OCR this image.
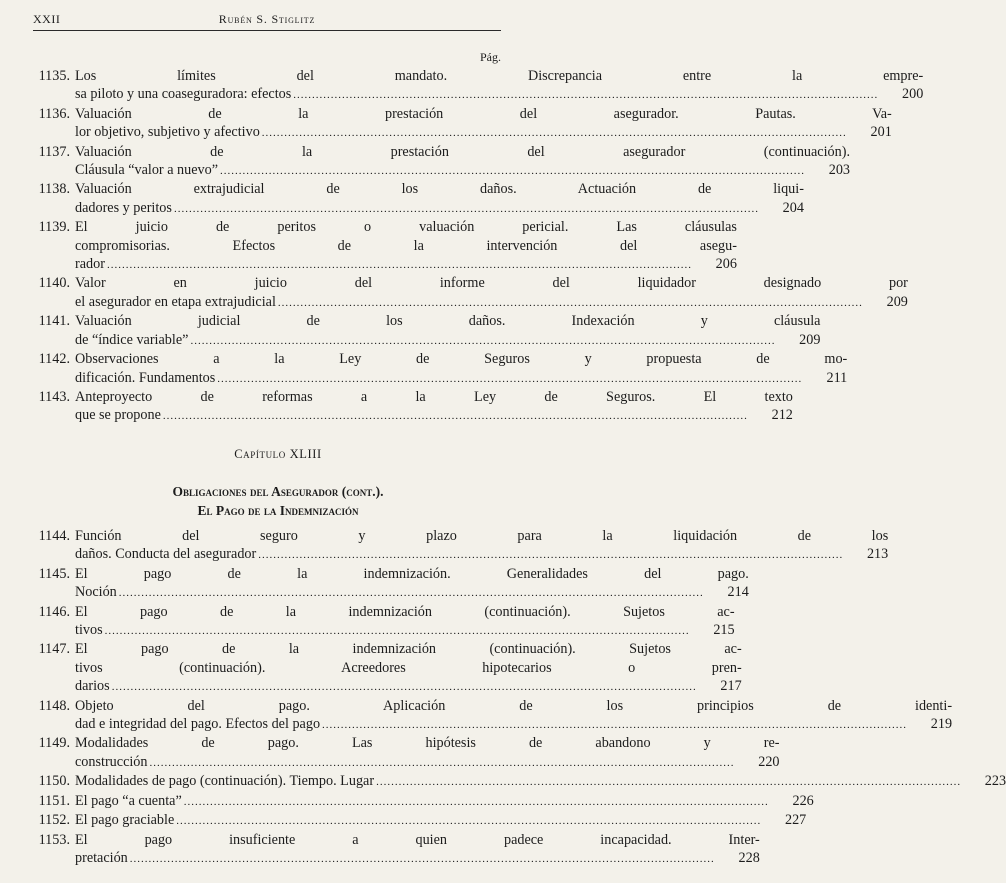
XXII	Rubén S. Stiglitz
Pág.
1135. Los límites del mandato. Discrepancia entre la empre-
sa piloto y una coaseguradora: efectos .....	200
1136. Valuación de la prestación del asegurador. Pautas. Va-
lor objetivo, subjetivo y afectivo .....	201
1137. Valuación de la prestación del asegurador (continuación).
Cláusula “valor a nuevo” .....	203
1138. Valuación extrajudicial de los daños. Actuación de liqui-
dadores y peritos .....	204
1139. El juicio de peritos o valuación pericial. Las cláusulas
compromisorias. Efectos de la intervención del asegu-
rador .....	206
1140. Valor en juicio del informe del liquidador designado por
el asegurador en etapa extrajudicial .....	209
1141. Valuación judicial de los daños. Indexación y cláusula
de “índice variable” .....	209
1142. Observaciones a la Ley de Seguros y propuesta de mo-
dificación. Fundamentos .....	211
1143. Anteproyecto de reformas a la Ley de Seguros. El texto
que se propone .....	212
Capítulo XLIII
Obligaciones del Asegurador (cont.).
El Pago de la Indemnización
1144. Función del seguro y plazo para la liquidación de los
daños. Conducta del asegurador .....	213
1145. El pago de la indemnización. Generalidades del pago.
Noción .....	214
1146. El pago de la indemnización (continuación). Sujetos ac-
tivos .....	215
1147. El pago de la indemnización (continuación). Sujetos ac-
tivos (continuación). Acreedores hipotecarios o pren-
darios .....	217
1148. Objeto del pago. Aplicación de los principios de identi-
dad e integridad del pago. Efectos del pago .....	219
1149. Modalidades de pago. Las hipótesis de abandono y re-
construcción .....	220
1150. Modalidades de pago (continuación). Tiempo. Lugar .....	223
1151. El pago “a cuenta” .....	226
1152. El pago graciable .....	227
1153. El pago insuficiente a quien padece incapacidad. Inter-
pretación .....	228
